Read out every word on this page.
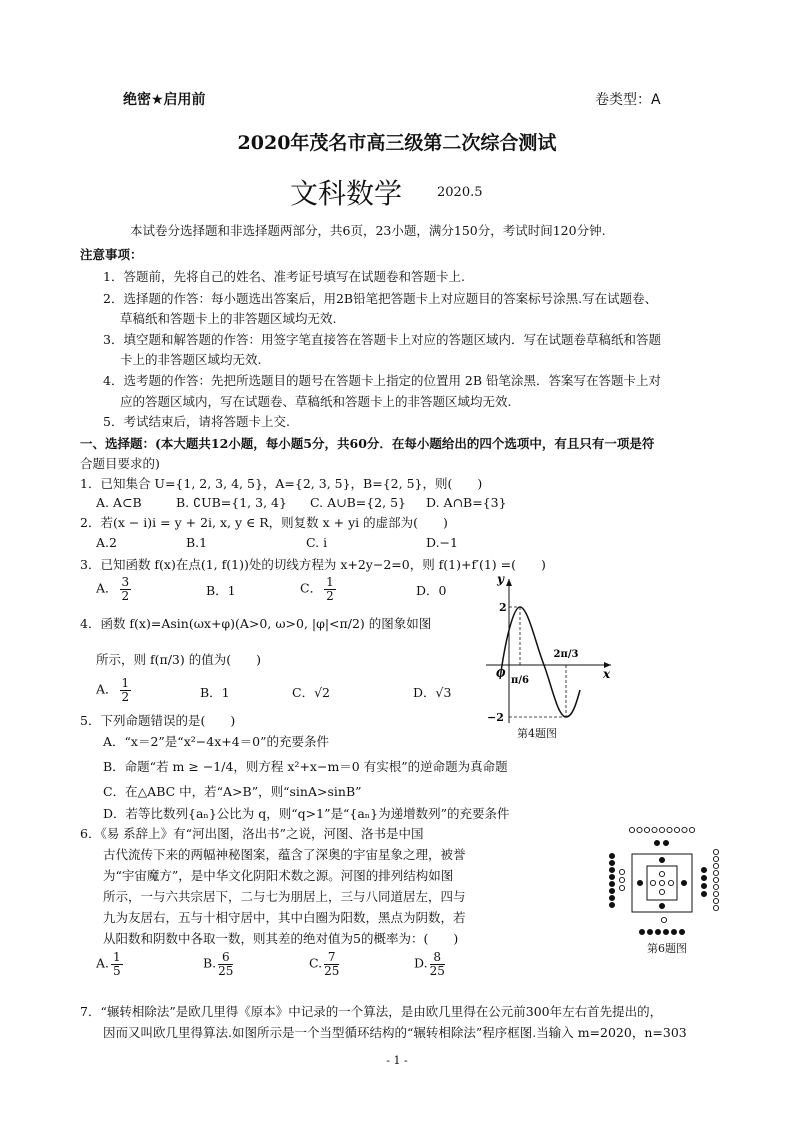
绝密★启用前	卷类型：A
2020年茂名市高三级第二次综合测试
文科数学	2020.5
本试卷分选择题和非选择题两部分，共6页，23小题，满分150分，考试时间120分钟.
注意事项：
1．答题前，先将自己的姓名、准考证号填写在试题卷和答题卡上.
2．选择题的作答：每小题选出答案后，用2B铅笔把答题卡上对应题目的答案标号涂黑.写在试题卷、
草稿纸和答题卡上的非答题区域均无效.
3．填空题和解答题的作答：用签字笔直接答在答题卡上对应的答题区域内．写在试题卷草稿纸和答题
卡上的非答题区域均无效.
4．选考题的作答：先把所选题目的题号在答题卡上指定的位置用 2B 铅笔涂黑．答案写在答题卡上对
应的答题区域内，写在试题卷、草稿纸和答题卡上的非答题区域均无效.
5．考试结束后，请将答题卡上交.
一、选择题：(本大题共12小题，每小题5分，共60分．在每小题给出的四个选项中，有且只有一项是符
合题目要求的)
1．已知集合 U={1, 2, 3, 4, 5}，A={2, 3, 5}，B={2, 5}，则(　　)
A. A⊂B	B. ∁UB={1, 3, 4} C. A∪B={2, 5} D. A∩B={3}
2．若(x − i)i = y + 2i, x, y ∈ R，则复数 x + yi 的虚部为(　　)
A.2	B.1	C. i	D.−1
3．已知函数 f(x)在点(1, f(1))处的切线方程为 x+2y−2=0，则 f(1)+f′(1) =(　　)
A． $\frac{3}{2}$	B．1	C． $\frac{1}{2}$	D．0
4．函数 f(x)=Asin(ωx+φ)(A>0, ω>0, |φ|<π/2) 的图象如图
所示，则 f(π/3) 的值为(　　)
A． $\frac{1}{2}$	B．1	C．√2	D．√3
y
x
O
2
−2
π/6
2π/3
第4题图
5．下列命题错误的是(　　)
A．“x＝2”是“x²−4x+4＝0”的充要条件
B．命题“若 m ≥ −1/4，则方程 x²+x−m＝0 有实根”的逆命题为真命题
C．在△ABC 中，若“A>B”，则“sinA>sinB”
D．若等比数列{aₙ}公比为 q，则“q>1”是“{aₙ}为递增数列”的充要条件
6．《易 系辞上》有“河出图，洛出书”之说，河图、洛书是中国
古代流传下来的两幅神秘图案，蕴含了深奥的宇宙星象之理，被誉
为“宇宙魔方”，是中华文化阴阳术数之源。河图的排列结构如图
所示，一与六共宗居下，二与七为朋居上，三与八同道居左，四与
九为友居右，五与十相守居中，其中白圈为阳数，黑点为阴数，若
从阳数和阴数中各取一数，则其差的绝对值为5的概率为：(　　)
A. $\frac{1}{5}$	B. $\frac{6}{25}$	C. $\frac{7}{25}$	D. $\frac{8}{25}$
第6题图
7．“辗转相除法”是欧几里得《原本》中记录的一个算法，是由欧几里得在公元前300年左右首先提出的，
因而又叫欧几里得算法.如图所示是一个当型循环结构的“辗转相除法”程序框图.当输入 m=2020，n=303
- 1 -
